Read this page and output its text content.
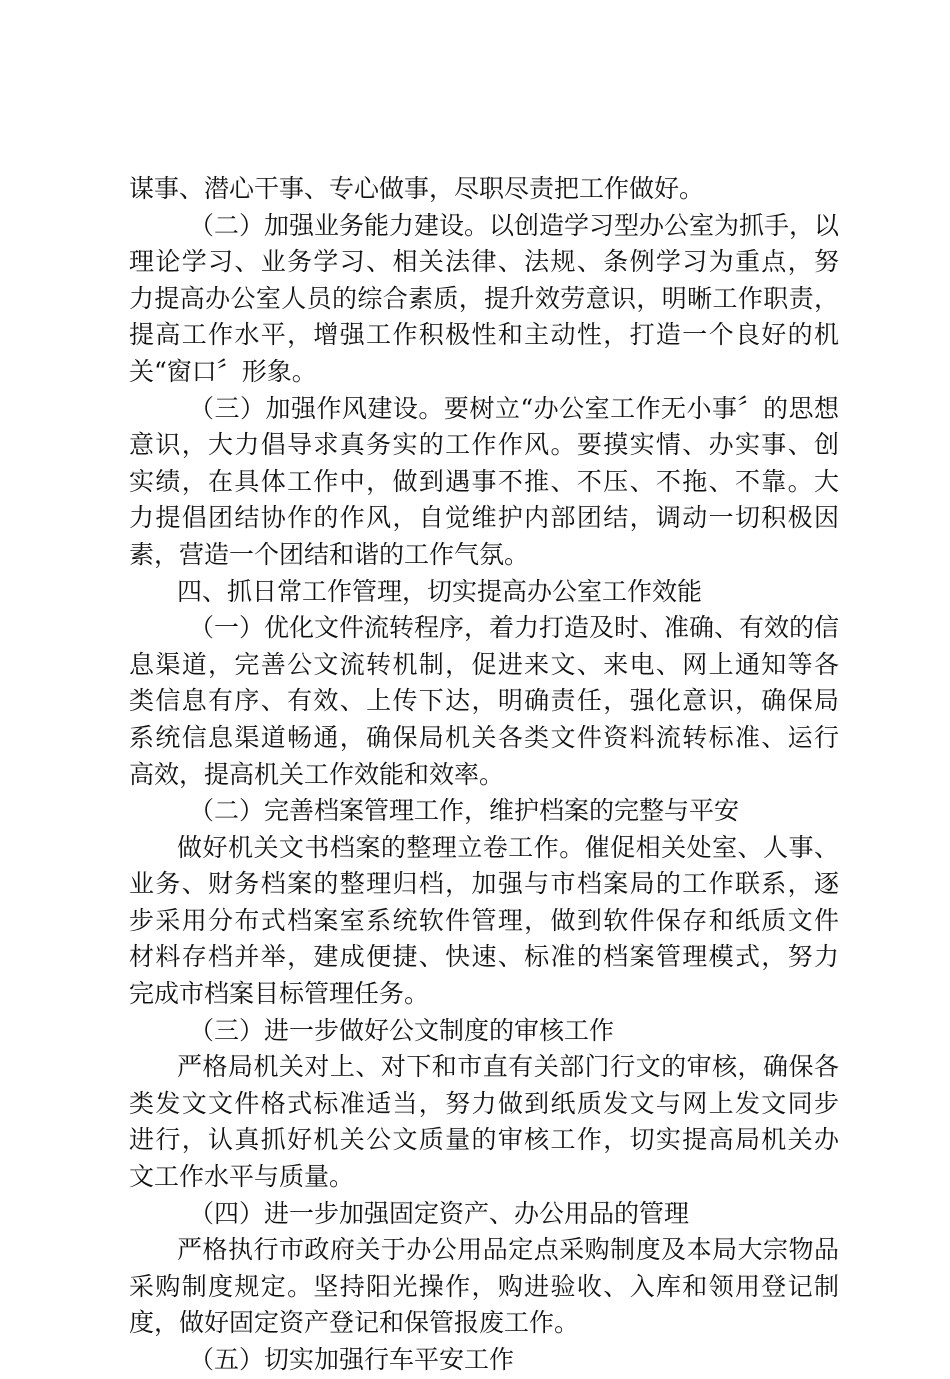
谋事、潜心干事、专心做事，尽职尽责把工作做好。
（二）加强业务能力建设。以创造学习型办公室为抓手，以
理论学习、业务学习、相关法律、法规、条例学习为重点，努
力提高办公室人员的综合素质，提升效劳意识，明晰工作职责，
提高工作水平，增强工作积极性和主动性，打造一个良好的机
关“窗口〞形象。
（三）加强作风建设。要树立“办公室工作无小事〞的思想
意识，大力倡导求真务实的工作作风。要摸实情、办实事、创
实绩，在具体工作中，做到遇事不推、不压、不拖、不靠。大
力提倡团结协作的作风，自觉维护内部团结，调动一切积极因
素，营造一个团结和谐的工作气氛。
四、抓日常工作管理，切实提高办公室工作效能
（一）优化文件流转程序，着力打造及时、准确、有效的信
息渠道，完善公文流转机制，促进来文、来电、网上通知等各
类信息有序、有效、上传下达，明确责任，强化意识，确保局
系统信息渠道畅通，确保局机关各类文件资料流转标准、运行
高效，提高机关工作效能和效率。
（二）完善档案管理工作，维护档案的完整与平安
做好机关文书档案的整理立卷工作。催促相关处室、人事、
业务、财务档案的整理归档，加强与市档案局的工作联系，逐
步采用分布式档案室系统软件管理，做到软件保存和纸质文件
材料存档并举，建成便捷、快速、标准的档案管理模式，努力
完成市档案目标管理任务。
（三）进一步做好公文制度的审核工作
严格局机关对上、对下和市直有关部门行文的审核，确保各
类发文文件格式标准适当，努力做到纸质发文与网上发文同步
进行，认真抓好机关公文质量的审核工作，切实提高局机关办
文工作水平与质量。
（四）进一步加强固定资产、办公用品的管理
严格执行市政府关于办公用品定点采购制度及本局大宗物品
采购制度规定。坚持阳光操作，购进验收、入库和领用登记制
度，做好固定资产登记和保管报废工作。
（五）切实加强行车平安工作
